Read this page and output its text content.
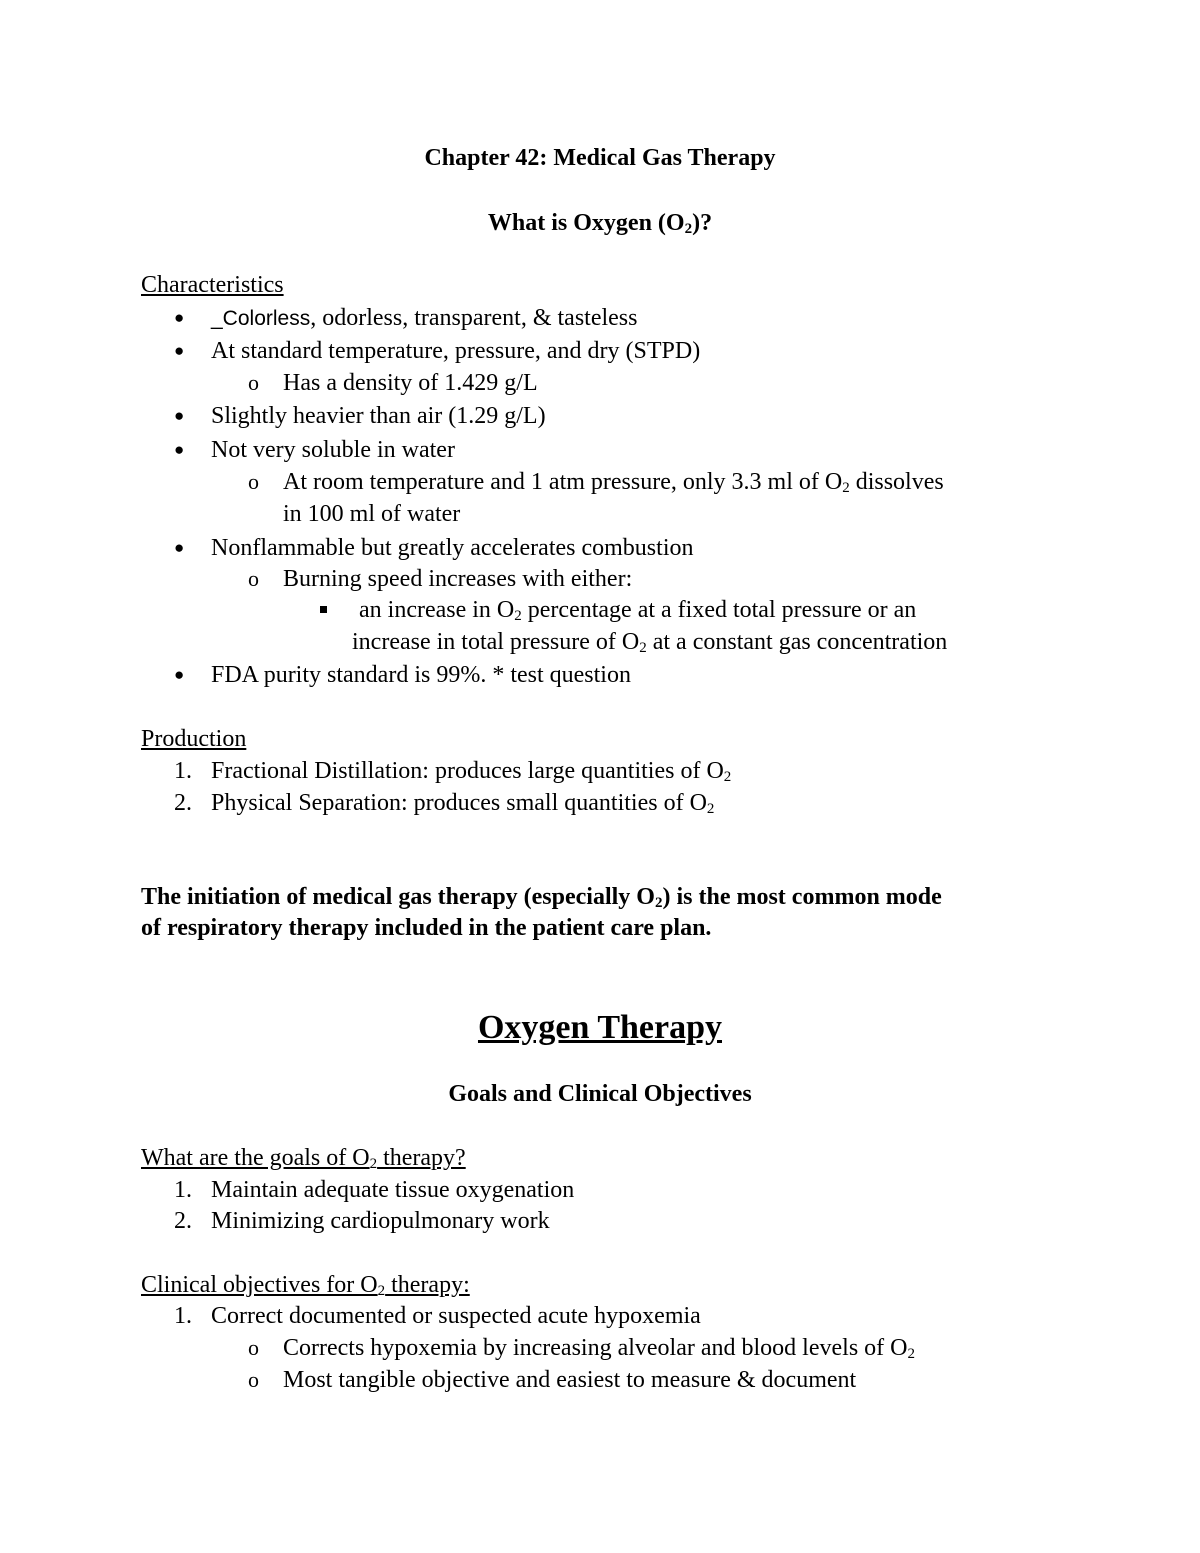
Chapter 42: Medical Gas Therapy
What is Oxygen $(O_2)$?
Characteristics
● _Colorless, odorless, transparent, & tasteless
● At standard temperature, pressure, and dry (STPD)
o Has a density of 1.429 g/L
● Slightly heavier than air (1.29 g/L)
● Not very soluble in water
o At room temperature and 1 atm pressure, only 3.3 ml of $O_2$ dissolves
in 100 ml of water
● Nonflammable but greatly accelerates combustion
o Burning speed increases with either:
an increase in $O_2$ percentage at a fixed total pressure or an
increase in total pressure of $O_2$ at a constant gas concentration
● FDA purity standard is 99%. * test question
Production
1. Fractional Distillation: produces large quantities of $O_2$
2. Physical Separation: produces small quantities of $O_2$
The initiation of medical gas therapy (especially $O_2$) is the most common mode
of respiratory therapy included in the patient care plan.
Oxygen Therapy
Goals and Clinical Objectives
What are the goals of $O_2$ therapy?
1. Maintain adequate tissue oxygenation
2. Minimizing cardiopulmonary work
Clinical objectives for $O_2$ therapy:
1. Correct documented or suspected acute hypoxemia
o Corrects hypoxemia by increasing alveolar and blood levels of $O_2$
o Most tangible objective and easiest to measure & document
